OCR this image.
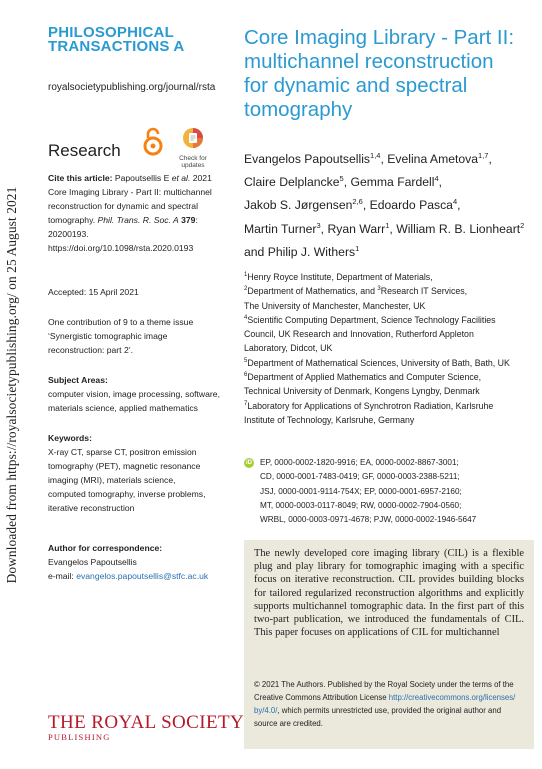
Downloaded from https://royalsocietypublishing.org/ on 25 August 2021
PHILOSOPHICAL
TRANSACTIONS A
royalsocietypublishing.org/journal/rsta
Research	Check for
updates
Cite this article: Papoutsellis E et al. 2021
Core Imaging Library - Part II: multichannel
reconstruction for dynamic and spectral
tomography. Phil. Trans. R. Soc. A 379:
20200193.
https://doi.org/10.1098/rsta.2020.0193
Accepted: 15 April 2021
One contribution of 9 to a theme issue
‘Synergistic tomographic image
reconstruction: part 2’.
Subject Areas:
computer vision, image processing, software,
materials science, applied mathematics
Keywords:
X-ray CT, sparse CT, positron emission
tomography (PET), magnetic resonance
imaging (MRI), materials science,
computed tomography, inverse problems,
iterative reconstruction
Author for correspondence:
Evangelos Papoutsellis
e-mail: evangelos.papoutsellis@stfc.ac.uk
THE ROYAL SOCIETY
PUBLISHING
Core Imaging Library - Part II:
multichannel reconstruction
for dynamic and spectral
tomography
Evangelos Papoutsellis$^{1,4}$, Evelina Ametova$^{1,7}$,
Claire Delplancke$^5$, Gemma Fardell$^4$,
Jakob S. Jørgensen$^{2,6}$, Edoardo Pasca$^4$,
Martin Turner$^3$, Ryan Warr$^1$, William R. B. Lionheart$^2$
and Philip J. Withers$^1$
$^1$Henry Royce Institute, Department of Materials,
$^2$Department of Mathematics, and $^3$Research IT Services,
The University of Manchester, Manchester, UK
$^4$Scientific Computing Department, Science Technology Facilities
Council, UK Research and Innovation, Rutherford Appleton
Laboratory, Didcot, UK
$^5$Department of Mathematical Sciences, University of Bath, Bath, UK
$^6$Department of Applied Mathematics and Computer Science,
Technical University of Denmark, Kongens Lyngby, Denmark
$^7$Laboratory for Applications of Synchrotron Radiation, Karlsruhe
Institute of Technology, Karlsruhe, Germany
iD EP, 0000-0002-1820-9916; EA, 0000-0002-8867-3001;
CD, 0000-0001-7483-0419; GF, 0000-0003-2388-5211;
JSJ, 0000-0001-9114-754X; EP, 0000-0001-6957-2160;
MT, 0000-0003-0117-8049; RW, 0000-0002-7904-0560;
WRBL, 0000-0003-0971-4678; PJW, 0000-0002-1946-5647

The newly developed core imaging library (CIL) is a flexible plug and play library for tomographic imaging with a specific focus on iterative reconstruction. CIL provides building blocks for tailored regularized reconstruction algorithms and explicitly supports multichannel tomographic data. In the first part of this two-part publication, we introduced the fundamentals of CIL. This paper focuses on applications of CIL for multichannel

© 2021 The Authors. Published by the Royal Society under the terms of the
Creative Commons Attribution License http://creativecommons.org/licenses/
by/4.0/, which permits unrestricted use, provided the original author and
source are credited.
